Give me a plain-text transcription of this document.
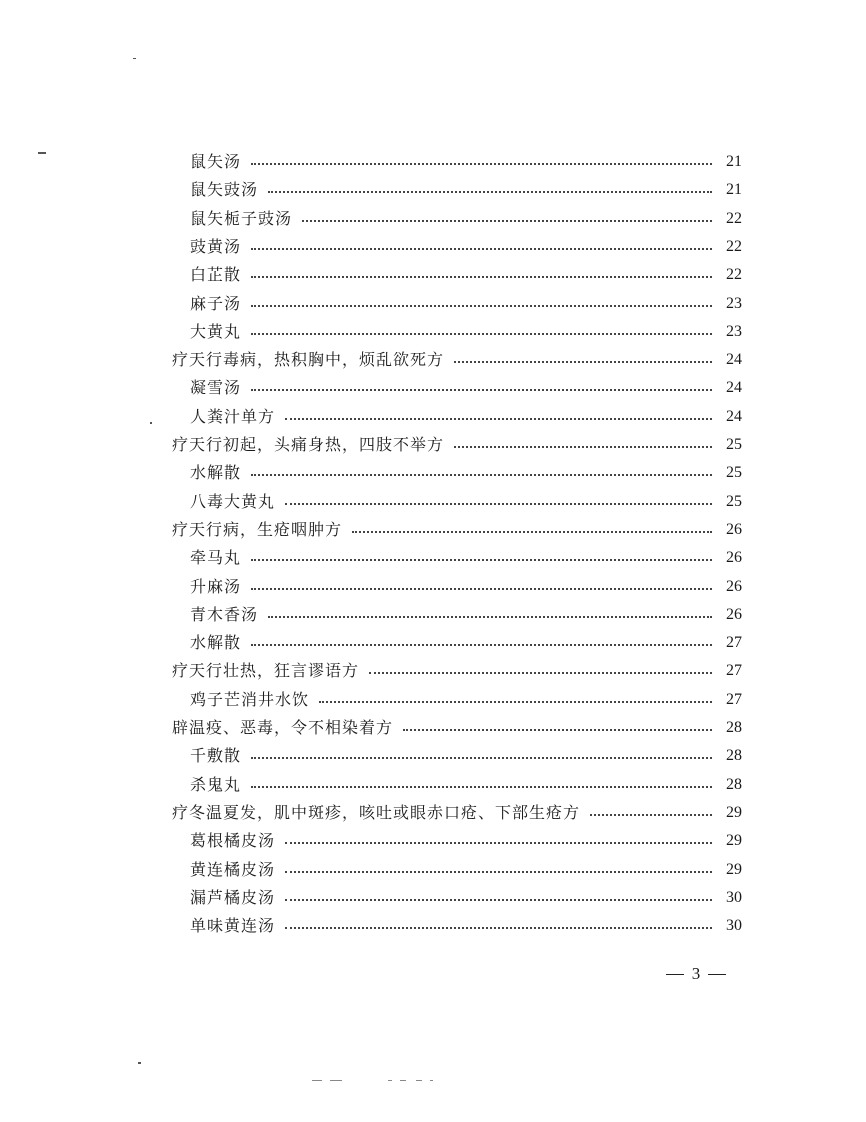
鼠矢汤	21
鼠矢豉汤	21
鼠矢栀子豉汤	22
豉黄汤	22
白芷散	22
麻子汤	23
大黄丸	23
疗天行毒病，热积胸中，烦乱欲死方	24
凝雪汤	24
人粪汁单方	24
疗天行初起，头痛身热，四肢不举方	25
水解散	25
八毒大黄丸	25
疗天行病，生疮咽肿方	26
牵马丸	26
升麻汤	26
青木香汤	26
水解散	27
疗天行壮热，狂言谬语方	27
鸡子芒消井水饮	27
辟温疫、恶毒，令不相染着方	28
千敷散	28
杀鬼丸	28
疗冬温夏发，肌中斑疹，咳吐或眼赤口疮、下部生疮方	29
葛根橘皮汤	29
黄连橘皮汤	29
漏芦橘皮汤	30
单味黄连汤	30
3
